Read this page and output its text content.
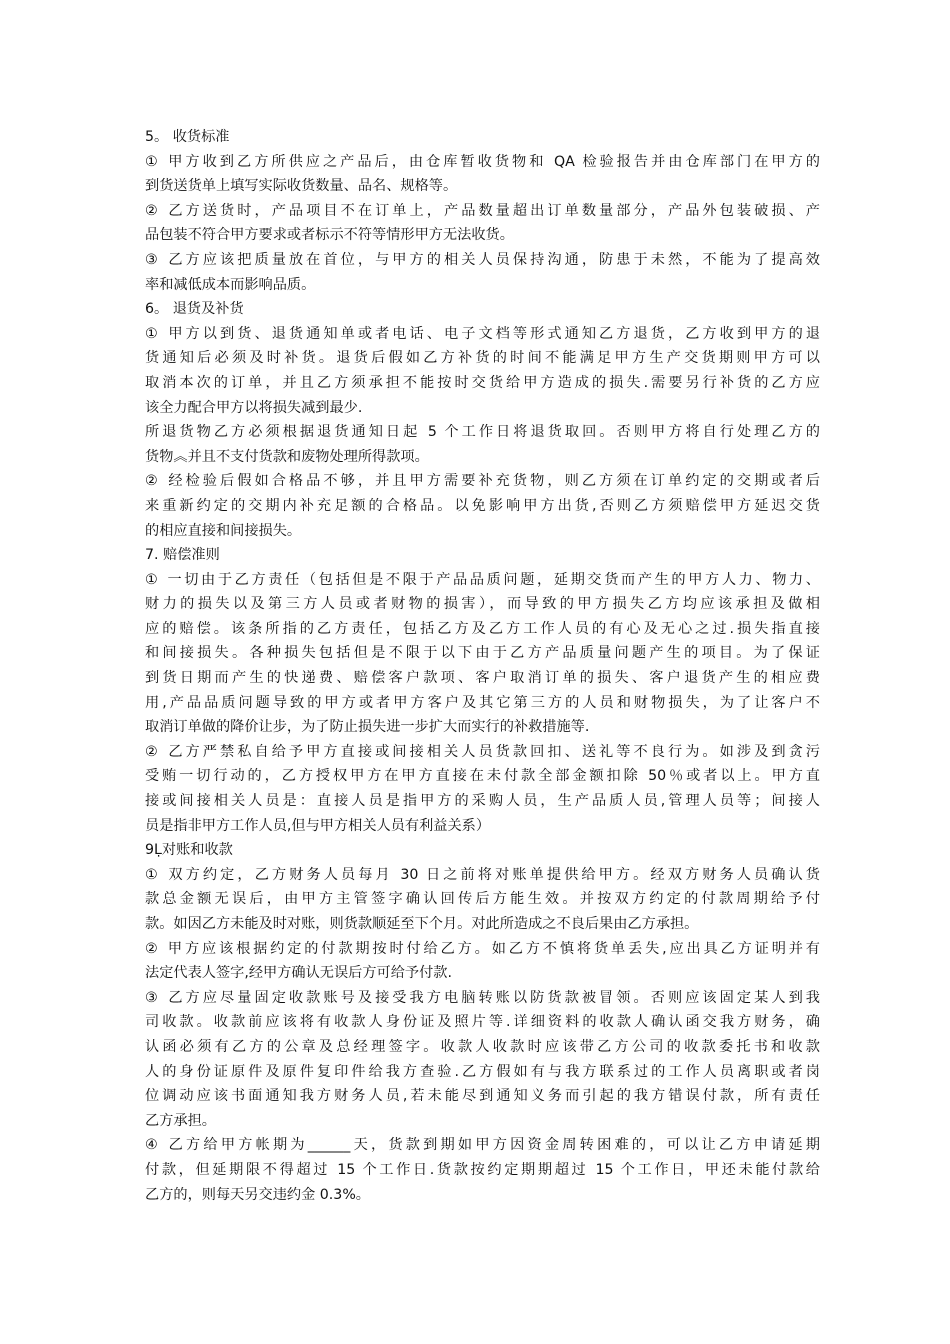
5。 收货标准
① 甲方收到乙方所供应之产品后，由仓库暂收货物和 QA 检验报告并由仓库部门在甲方的
到货送货单上填写实际收货数量、品名、规格等。
② 乙方送货时，产品项目不在订单上，产品数量超出订单数量部分，产品外包装破损、产
品包装不符合甲方要求或者标示不符等情形甲方无法收货。
③ 乙方应该把质量放在首位，与甲方的相关人员保持沟通，防患于未然，不能为了提高效
率和减低成本而影响品质。
6。 退货及补货
① 甲方以到货、退货通知单或者电话、电子文档等形式通知乙方退货，乙方收到甲方的退
货通知后必须及时补货。退货后假如乙方补货的时间不能满足甲方生产交货期则甲方可以
取消本次的订单，并且乙方须承担不能按时交货给甲方造成的损失.需要另行补货的乙方应
该全力配合甲方以将损失减到最少.
所退货物乙方必须根据退货通知日起 5 个工作日将退货取回。否则甲方将自行处理乙方的
货物︽并且不支付货款和废物处理所得款项。
② 经检验后假如合格品不够，并且甲方需要补充货物，则乙方须在订单约定的交期或者后
来重新约定的交期内补充足额的合格品。以免影响甲方出货,否则乙方须赔偿甲方延迟交货
的相应直接和间接损失。
7. 赔偿准则
① 一切由于乙方责任（包括但是不限于产品品质问题，延期交货而产生的甲方人力、物力、
财力的损失以及第三方人员或者财物的损害），而导致的甲方损失乙方均应该承担及做相
应的赔偿。该条所指的乙方责任，包括乙方及乙方工作人员的有心及无心之过.损失指直接
和间接损失。各种损失包括但是不限于以下由于乙方产品质量问题产生的项目。为了保证
到货日期而产生的快递费、赔偿客户款项、客户取消订单的损失、客户退货产生的相应费
用,产品品质问题导致的甲方或者甲方客户及其它第三方的人员和财物损失，为了让客户不
取消订单做的降价让步，为了防止损失进一步扩大而实行的补救措施等.
② 乙方严禁私自给予甲方直接或间接相关人员货款回扣、送礼等不良行为。如涉及到贪污
受贿一切行动的，乙方授权甲方在甲方直接在未付款全部金额扣除 50％或者以上。甲方直
接或间接相关人员是：直接人员是指甲方的采购人员，生产品质人员,管理人员等；间接人
员是指非甲方工作人员,但与甲方相关人员有利益关系）
9Ḷ对账和收款
① 双方约定，乙方财务人员每月 30 日之前将对账单提供给甲方。经双方财务人员确认货
款总金额无误后，由甲方主管签字确认回传后方能生效。并按双方约定的付款周期给予付
款。如因乙方未能及时对账，则货款顺延至下个月。对此所造成之不良后果由乙方承担。
② 甲方应该根据约定的付款期按时付给乙方。如乙方不慎将货单丢失,应出具乙方证明并有
法定代表人签字,经甲方确认无误后方可给予付款.
③ 乙方应尽量固定收款账号及接受我方电脑转账以防货款被冒领。否则应该固定某人到我
司收款。收款前应该将有收款人身份证及照片等.详细资料的收款人确认函交我方财务，确
认函必须有乙方的公章及总经理签字。收款人收款时应该带乙方公司的收款委托书和收款
人的身份证原件及原件复印件给我方查验.乙方假如有与我方联系过的工作人员离职或者岗
位调动应该书面通知我方财务人员,若未能尽到通知义务而引起的我方错误付款，所有责任
乙方承担。
④ 乙方给甲方帐期为______天，货款到期如甲方因资金周转困难的，可以让乙方申请延期
付款，但延期限不得超过 15 个工作日.货款按约定期期超过 15 个工作日，甲还未能付款给
乙方的，则每天另交违约金 0.3%。
